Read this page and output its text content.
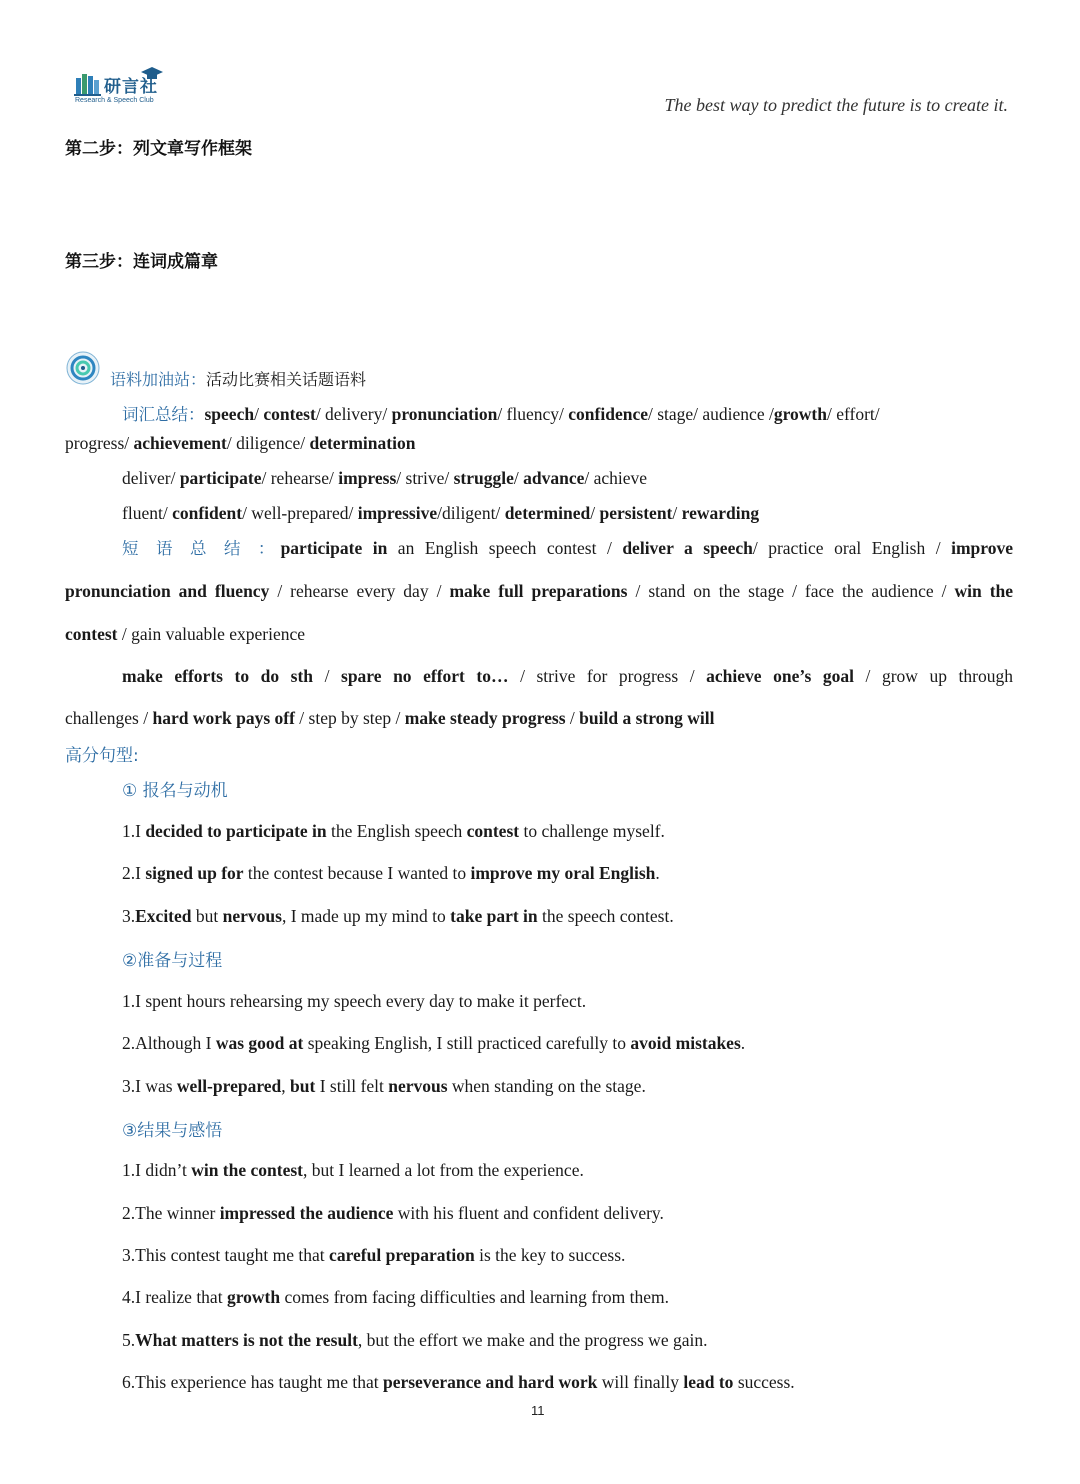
研言社
Research & Speech Club	The best way to predict the future is to create it.
第二步：列文章写作框架
第三步：连词成篇章
语料加油站：活动比赛相关话题语料
词汇总结：speech/ contest/ delivery/ pronunciation/ fluency/ confidence/ stage/ audience /growth/ effort/
progress/ achievement/ diligence/ determination
deliver/ participate/ rehearse/ impress/ strive/ struggle/ advance/ achieve
fluent/ confident/ well-prepared/ impressive/diligent/ determined/ persistent/ rewarding
短 语 总 结 ：participate in an English speech contest / deliver a speech/ practice oral English / improve
pronunciation and fluency / rehearse every day / make full preparations / stand on the stage / face the audience / win the
contest / gain valuable experience
make efforts to do sth / spare no effort to… / strive for progress / achieve one’s goal / grow up through
challenges / hard work pays off / step by step / make steady progress / build a strong will
高分句型:
① 报名与动机
1.I decided to participate in the English speech contest to challenge myself.
2.I signed up for the contest because I wanted to improve my oral English.
3.Excited but nervous, I made up my mind to take part in the speech contest.
②准备与过程
1.I spent hours rehearsing my speech every day to make it perfect.
2.Although I was good at speaking English, I still practiced carefully to avoid mistakes.
3.I was well-prepared, but I still felt nervous when standing on the stage.
③结果与感悟
1.I didn’t win the contest, but I learned a lot from the experience.
2.The winner impressed the audience with his fluent and confident delivery.
3.This contest taught me that careful preparation is the key to success.
4.I realize that growth comes from facing difficulties and learning from them.
5.What matters is not the result, but the effort we make and the progress we gain.
6.This experience has taught me that perseverance and hard work will finally lead to success.
11
